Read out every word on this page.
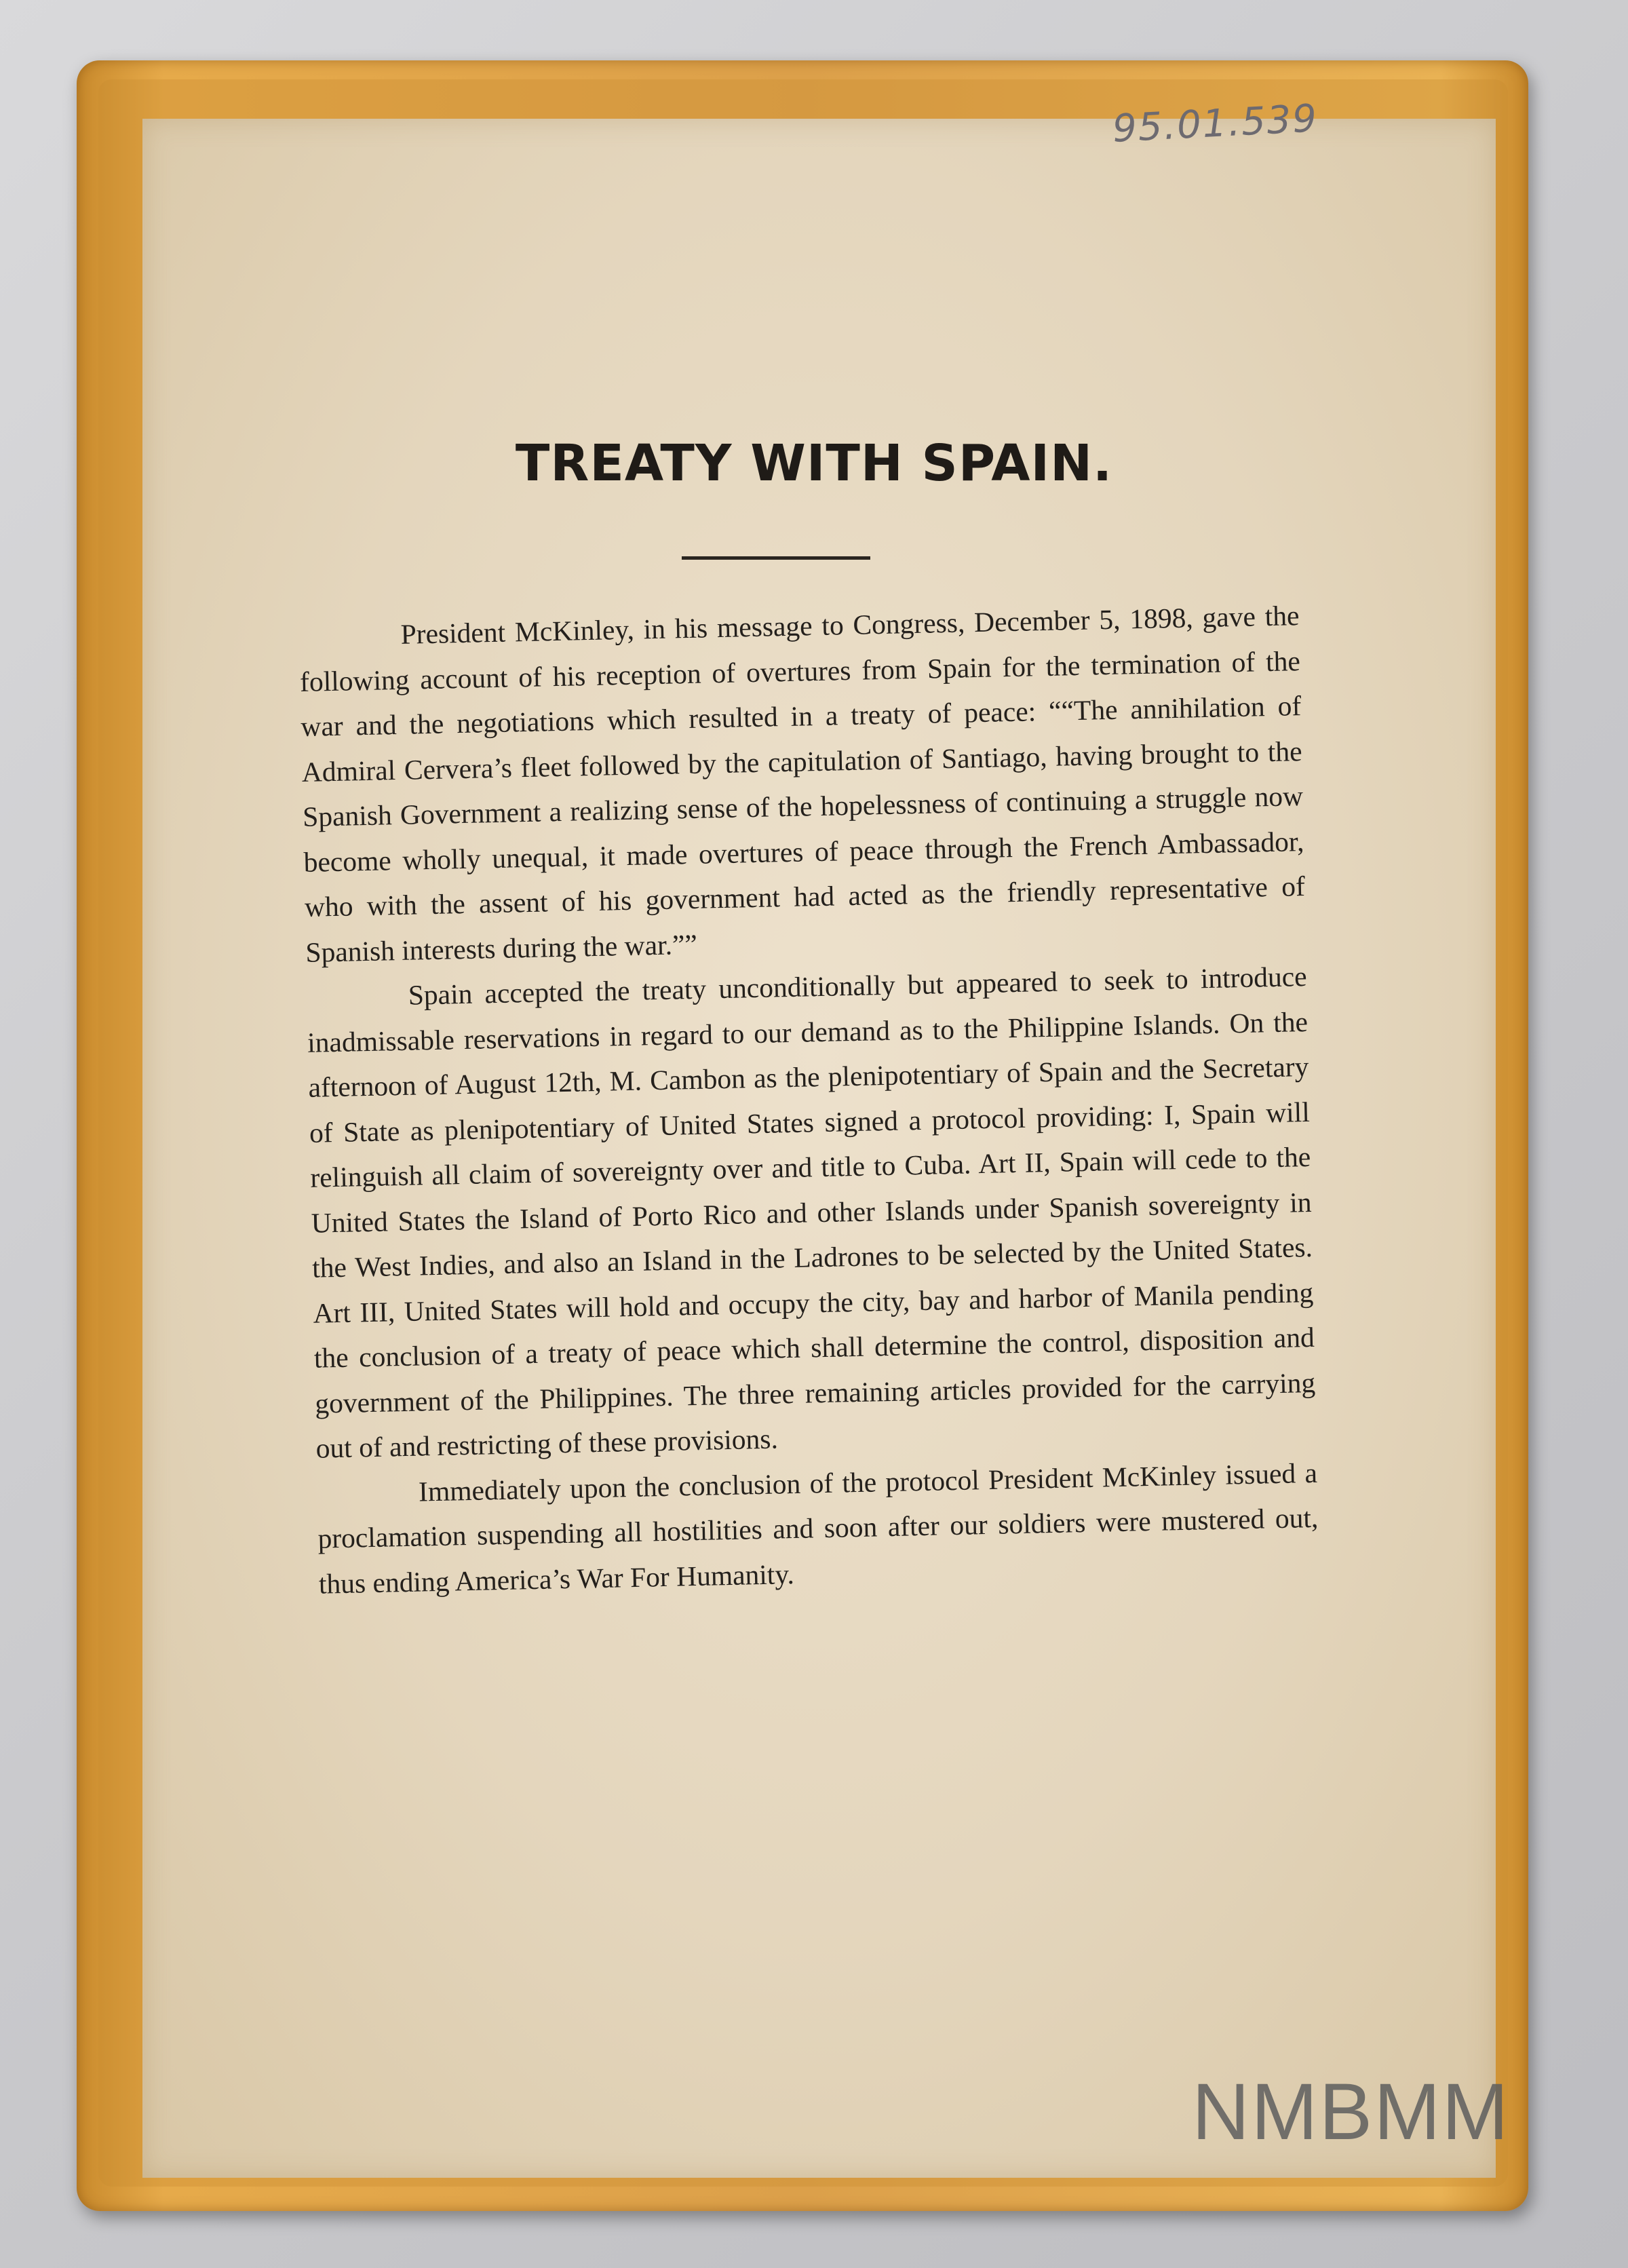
95.01.539
TREATY WITH SPAIN.

President McKinley, in his message to Congress, December 5, 1898, gave the following account of his reception of overtures from Spain for the termination of the war and the negotiations which resulted in a treaty of peace: ““The annihilation of Admiral Cervera’s fleet followed by the capitulation of Santiago, having brought to the Spanish Government a realizing sense of the hopelessness of continuing a struggle now become wholly unequal, it made overtures of peace through the French Ambassador, who with the assent of his government had acted as the friendly representative of Spanish interests during the war.””

Spain accepted the treaty unconditionally but appeared to seek to introduce inadmissable reservations in regard to our demand as to the Philippine Islands. On the afternoon of August 12th, M. Cambon as the plenipotentiary of Spain and the Secretary of State as plenipotentiary of United States signed a protocol providing: I, Spain will relinguish all claim of sovereignty over and title to Cuba. Art II, Spain will cede to the United States the Island of Porto Rico and other Islands under Spanish sovereignty in the West Indies, and also an Island in the Ladrones to be selected by the United States. Art III, United States will hold and occupy the city, bay and harbor of Manila pending the conclusion of a treaty of peace which shall determine the control, disposition and government of the Philippines. The three remaining articles provided for the carrying out of and restricting of these provisions.

Immediately upon the conclusion of the protocol President McKinley issued a proclamation suspending all hostilities and soon after our soldiers were mustered out, thus ending America’s War For Humanity.

NMBMM
